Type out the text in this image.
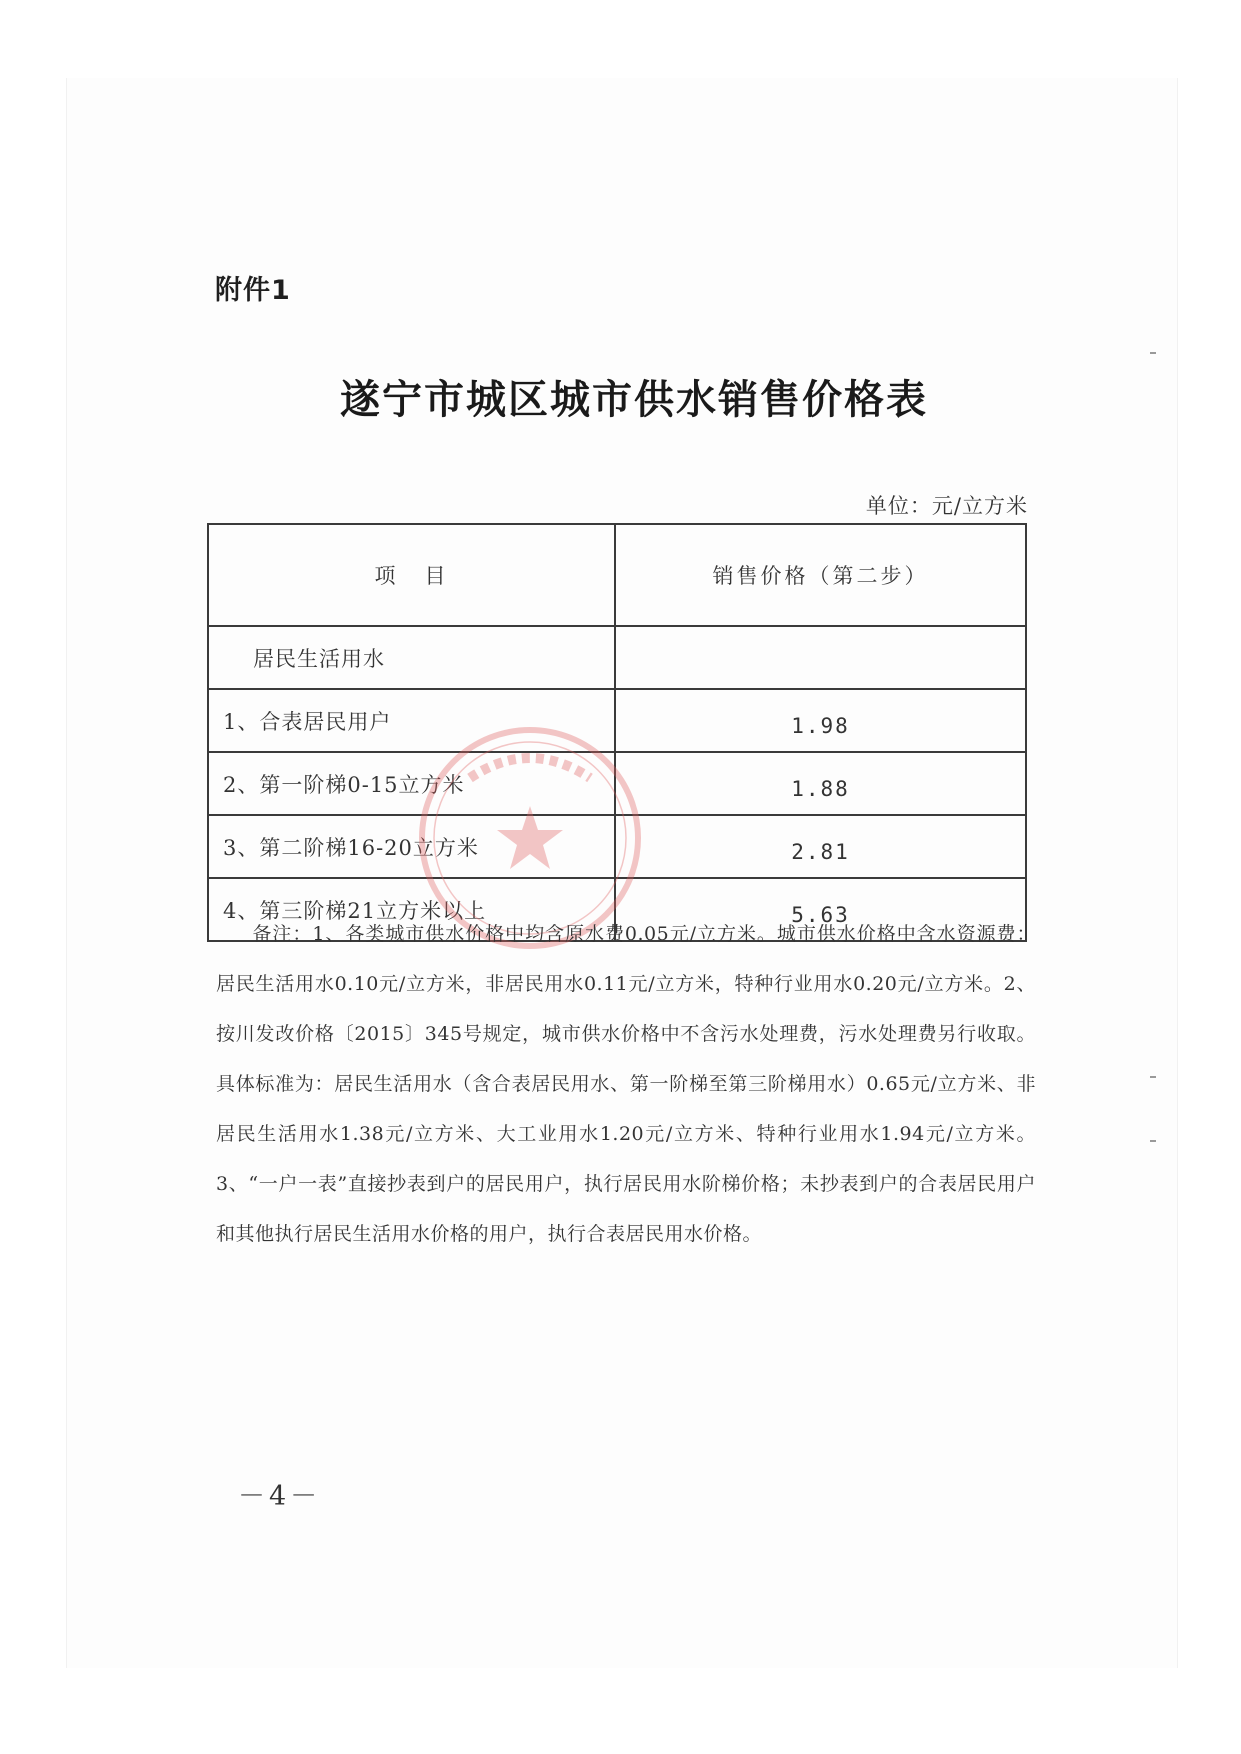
附件1
遂宁市城区城市供水销售价格表
单位：元/立方米
项 目	销售价格（第二步）
居民生活用水	
1、合表居民用户	1.98
2、第一阶梯0-15立方米	1.88
3、第二阶梯16-20立方米	2.81
4、第三阶梯21立方米以上	5.63
备注：1、各类城市供水价格中均含原水费0.05元/立方米。城市供水价格中含水资源费：居民生活用水0.10元/立方米，非居民用水0.11元/立方米，特种行业用水0.20元/立方米。2、按川发改价格〔2015〕345号规定，城市供水价格中不含污水处理费，污水处理费另行收取。具体标准为：居民生活用水（含合表居民用水、第一阶梯至第三阶梯用水）0.65元/立方米、非居民生活用水1.38元/立方米、大工业用水1.20元/立方米、特种行业用水1.94元/立方米。3、“一户一表”直接抄表到户的居民用户，执行居民用水阶梯价格；未抄表到户的合表居民用户和其他执行居民生活用水价格的用户，执行合表居民用水价格。
－4－
